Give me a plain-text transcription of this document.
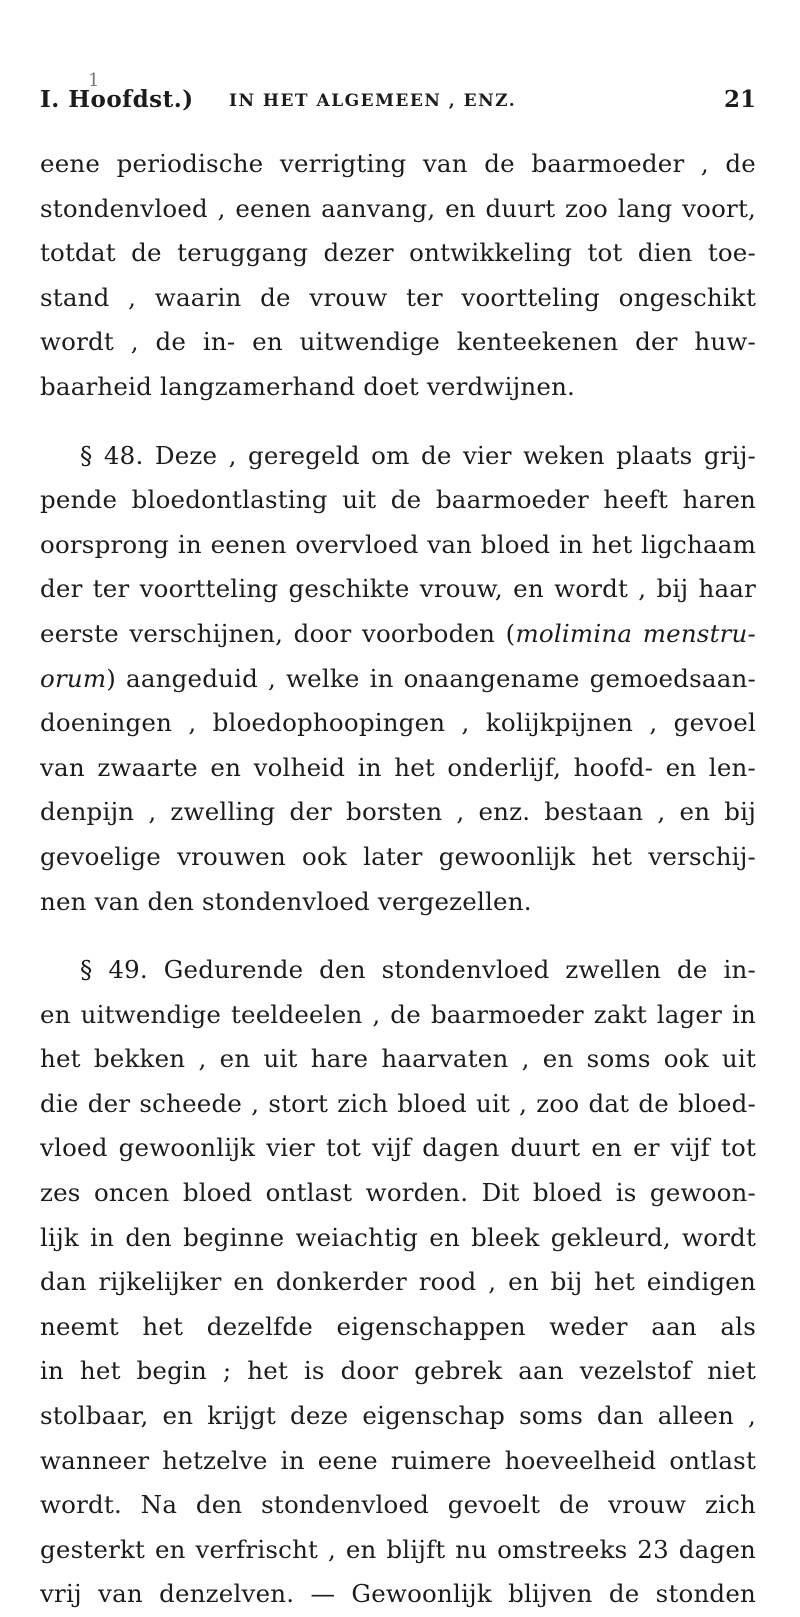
1
I. Hoofdst.) IN HET ALGEMEEN , ENZ.	21
eene periodische verrigting van de baarmoeder , de
stondenvloed , eenen aanvang, en duurt zoo lang voort,
totdat de teruggang dezer ontwikkeling tot dien toe-
stand , waarin de vrouw ter voortteling ongeschikt
wordt , de in- en uitwendige kenteekenen der huw-
baarheid langzamerhand doet verdwijnen.
§ 48. Deze , geregeld om de vier weken plaats grij-
pende bloedontlasting uit de baarmoeder heeft haren
oorsprong in eenen overvloed van bloed in het ligchaam
der ter voortteling geschikte vrouw, en wordt , bij haar
eerste verschijnen, door voorboden (molimina menstru-
orum) aangeduid , welke in onaangename gemoedsaan-
doeningen , bloedophoopingen , kolijkpijnen , gevoel
van zwaarte en volheid in het onderlijf, hoofd- en len-
denpijn , zwelling der borsten , enz. bestaan , en bij
gevoelige vrouwen ook later gewoonlijk het verschij-
nen van den stondenvloed vergezellen.
§ 49. Gedurende den stondenvloed zwellen de in-
en uitwendige teeldeelen , de baarmoeder zakt lager in
het bekken , en uit hare haarvaten , en soms ook uit
die der scheede , stort zich bloed uit , zoo dat de bloed-
vloed gewoonlijk vier tot vijf dagen duurt en er vijf tot
zes oncen bloed ontlast worden. Dit bloed is gewoon-
lijk in den beginne weiachtig en bleek gekleurd, wordt
dan rijkelijker en donkerder rood , en bij het eindigen
neemt het dezelfde eigenschappen weder aan als
in het begin ; het is door gebrek aan vezelstof niet
stolbaar, en krijgt deze eigenschap soms dan alleen ,
wanneer hetzelve in eene ruimere hoeveelheid ontlast
wordt. Na den stondenvloed gevoelt de vrouw zich
gesterkt en verfrischt , en blijft nu omstreeks 23 dagen
vrij van denzelven. — Gewoonlijk blijven de stonden
